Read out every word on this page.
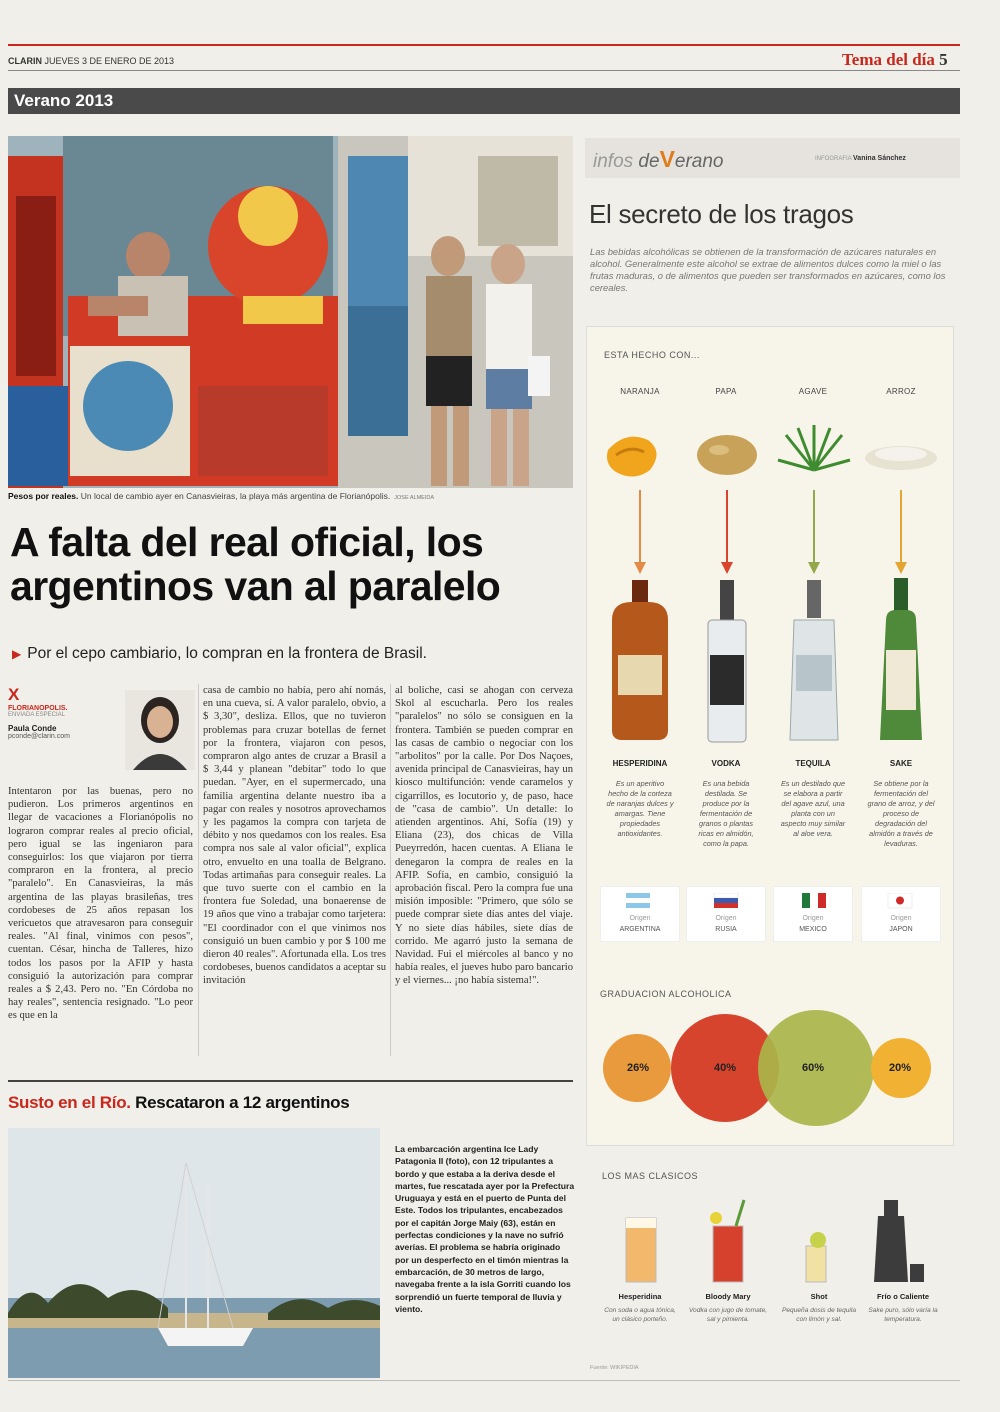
CLARIN JUEVES 3 DE ENERO DE 2013	Tema del día 5
Verano 2013
Pesos por reales. Un local de cambio ayer en Canasvieiras, la playa más argentina de Florianópolis. JOSE ALMEIDA
A falta del real oficial, los argentinos van al paralelo
▶ Por el cepo cambiario, lo compran en la frontera de Brasil.
X
FLORIANOPOLIS.
ENVIADA ESPECIAL
Paula Conde
pconde@clarin.com
Intentaron por las buenas, pero no pudieron. Los primeros argentinos en llegar de vacaciones a Florianópolis no lograron comprar reales al precio oficial, pero igual se las ingeniaron para conseguirlos: los que viajaron por tierra compraron en la frontera, al precio "paralelo". En Canasvieiras, la más argentina de las playas brasileñas, tres cordobeses de 25 años repasan los vericuetos que atravesaron para conseguir reales. "Al final, vinimos con pesos", cuentan. César, hincha de Talleres, hizo todos los pasos por la AFIP y hasta consiguió la autorización para comprar reales a $ 2,43. Pero no. "En Córdoba no hay reales", sentencia resignado. "Lo peor es que en la
casa de cambio no había, pero ahí nomás, en una cueva, sí. A valor paralelo, obvio, a $ 3,30", desliza. Ellos, que no tuvieron problemas para cruzar botellas de fernet por la frontera, viajaron con pesos, compraron algo antes de cruzar a Brasil a $ 3,44 y planean "debitar" todo lo que puedan. "Ayer, en el supermercado, una familia argentina delante nuestro iba a pagar con reales y nosotros aprovechamos y les pagamos la compra con tarjeta de débito y nos quedamos con los reales. Esa compra nos sale al valor oficial", explica otro, envuelto en una toalla de Belgrano. Todas artimañas para conseguir reales. La que tuvo suerte con el cambio en la frontera fue Soledad, una bonaerense de 19 años que vino a trabajar como tarjetera: "El coordinador con el que vinimos nos consiguió un buen cambio y por $ 100 me dieron 40 reales". Afortunada ella. Los tres cordobeses, buenos candidatos a aceptar su invitación
al boliche, casi se ahogan con cerveza Skol al escucharla. Pero los reales "paralelos" no sólo se consiguen en la frontera. También se pueden comprar en las casas de cambio o negociar con los "arbolitos" por la calle. Por Dos Naçoes, avenida principal de Canasvieiras, hay un kiosco multifunción: vende caramelos y cigarrillos, es locutorio y, de paso, hace de "casa de cambio". Un detalle: lo atienden argentinos. Ahí, Sofía (19) y Eliana (23), dos chicas de Villa Pueyrredón, hacen cuentas. A Eliana le denegaron la compra de reales en la AFIP. Sofía, en cambio, consiguió la aprobación fiscal. Pero la compra fue una misión imposible: "Primero, que sólo se puede comprar siete días antes del viaje. Y no siete días hábiles, siete días de corrido. Me agarró justo la semana de Navidad. Fui el miércoles al banco y no había reales, el jueves hubo paro bancario y el viernes... ¡no había sistema!".
Susto en el Río. Rescataron a 12 argentinos
La embarcación argentina Ice Lady Patagonia II (foto), con 12 tripulantes a bordo y que estaba a la deriva desde el martes, fue rescatada ayer por la Prefectura Uruguaya y está en el puerto de Punta del Este. Todos los tripulantes, encabezados por el capitán Jorge Maiy (63), están en perfectas condiciones y la nave no sufrió averías. El problema se habría originado por un desperfecto en el timón mientras la embarcación, de 30 metros de largo, navegaba frente a la isla Gorriti cuando los sorprendió un fuerte temporal de lluvia y viento.
infos deVerano	INFOGRAFIA Vanina Sánchez
El secreto de los tragos
Las bebidas alcohólicas se obtienen de la transformación de azúcares naturales en alcohol. Generalmente este alcohol se extrae de alimentos dulces como la miel o las frutas maduras, o de alimentos que pueden ser transformados en azúcares, como los cereales.
ESTA HECHO CON...
NARANJA	PAPA	AGAVE	ARROZ
HESPERIDINA	VODKA	TEQUILA	SAKE
Es un aperitivo hecho de la corteza de naranjas dulces y amargas. Tiene propiedades antioxidantes.
Es una bebida destilada. Se produce por la fermentación de granos o plantas ricas en almidón, como la papa.
Es un destilado que se elabora a partir del agave azul, una planta con un aspecto muy similar al aloe vera.
Se obtiene por la fermentación del grano de arroz, y del proceso de degradación del almidón a través de levaduras.
Origen	Origen	Origen	Origen
ARGENTINA	RUSIA	MEXICO	JAPON
GRADUACION ALCOHOLICA
26%	40%	60%	20%
LOS MAS CLASICOS
Hesperidina	Bloody Mary	Shot	Frío o Caliente
Con soda o agua tónica, un clásico porteño.
Vodka con jugo de tomate, sal y pimienta.
Pequeña dosis de tequila con limón y sal.
Sake puro, sólo varía la temperatura.
Fuente: WIKIPEDIA
